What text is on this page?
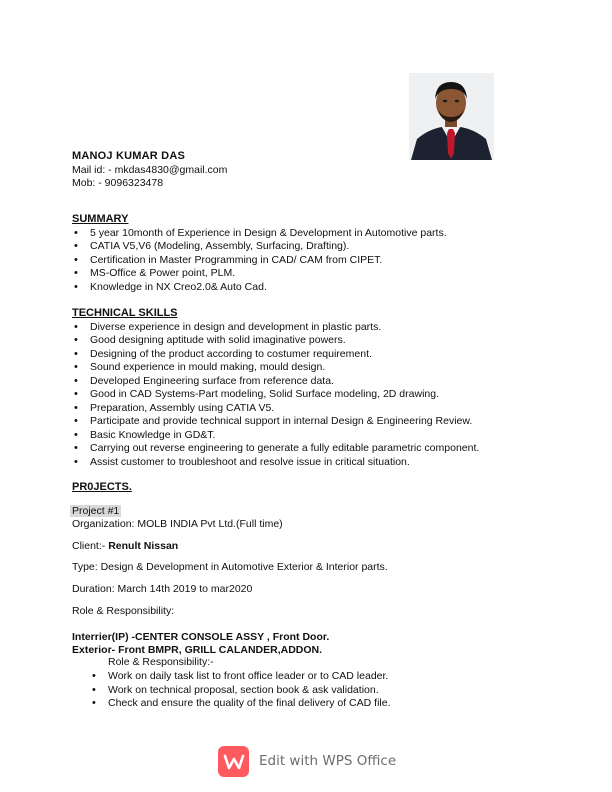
MANOJ KUMAR DAS
Mail id: - mkdas4830@gmail.com
Mob: - 9096323478
SUMMARY
• 5 year 10month of Experience in Design & Development in Automotive parts.
• CATIA V5,V6 (Modeling, Assembly, Surfacing, Drafting).
• Certification in Master Programming in CAD/ CAM from CIPET.
• MS-Office & Power point, PLM.
• Knowledge in NX Creo2.0& Auto Cad.
TECHNICAL SKILLS
• Diverse experience in design and development in plastic parts.
• Good designing aptitude with solid imaginative powers.
• Designing of the product according to costumer requirement.
• Sound experience in mould making, mould design.
• Developed Engineering surface from reference data.
• Good in CAD Systems-Part modeling, Solid Surface modeling, 2D drawing.
• Preparation, Assembly using CATIA V5.
• Participate and provide technical support in internal Design & Engineering Review.
• Basic Knowledge in GD&T.
• Carrying out reverse engineering to generate a fully editable parametric component.
• Assist customer to troubleshoot and resolve issue in critical situation.
PR0JECTS.
Project #1
Organization: MOLB INDIA Pvt Ltd.(Full time)
Client:- Renult Nissan
Type: Design & Development in Automotive Exterior & Interior parts.
Duration: March 14th 2019 to mar2020
Role & Responsibility:
Interrier(IP) -CENTER CONSOLE ASSY , Front Door.
Exterior- Front BMPR, GRILL CALANDER,ADDON.
Role & Responsibility:-
• Work on daily task list to front office leader or to CAD leader.
• Work on technical proposal, section book & ask validation.
• Check and ensure the quality of the final delivery of CAD file.
Edit with WPS Office
